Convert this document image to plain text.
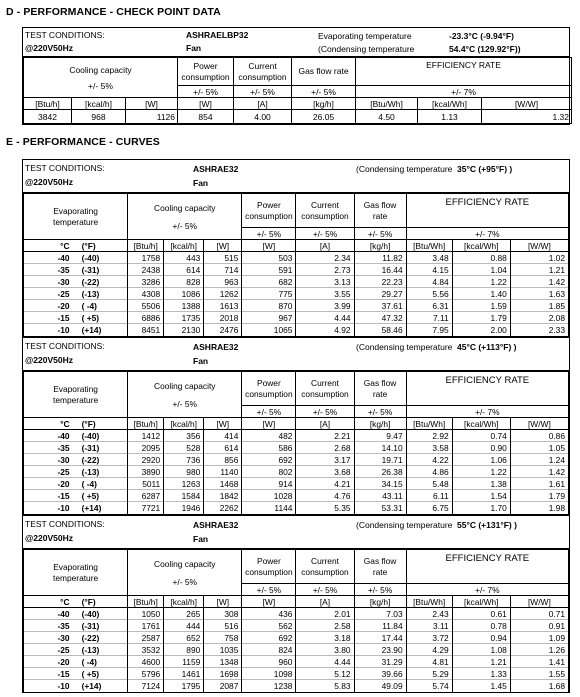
D - PERFORMANCE - CHECK POINT DATA
TEST CONDITIONS:
@220V50Hz
ASHRAELBP32
Fan
Evaporating temperature	-23.3°C (-9.94°F)
(Condensing temperature	54.4°C (129.92°F))
Cooling capacity
+/- 5%			Power consumption	Current consumption	Gas flow rate	EFFICIENCY RATE		
			+/- 5%	+/- 5%	+/- 5%	+/- 7%		
[Btu/h]	[kcal/h]	[W]	[W]	[A]	[kg/h]	[Btu/Wh]	[kcal/Wh]	[W/W]
3842	968	1126	854	4.00	26.05	4.50	1.13	1.32
E - PERFORMANCE - CURVES
TEST CONDITIONS:
@220V50Hz
ASHRAE32
Fan
(Condensing temperature 35°C (+95°F) )
Evaporating temperature		Cooling capacity
+/- 5%			Power consumption	Current consumption	Gas flow rate	EFFICIENCY RATE		
					+/- 5%	+/- 5%	+/- 5%	+/- 7%		
°C	(°F)	[Btu/h]	[kcal/h]	[W]	[W]	[A]	[kg/h]	[Btu/Wh]	[kcal/Wh]	[W/W]
-40	(-40)	1758	443	515	503	2.34	11.82	3.48	0.88	1.02
-35	(-31)	2438	614	714	591	2.73	16.44	4.15	1.04	1.21
-30	(-22)	3286	828	963	682	3.13	22.23	4.84	1.22	1.42
-25	(-13)	4308	1086	1262	775	3.55	29.27	5.56	1.40	1.63
-20	( -4)	5506	1388	1613	870	3.99	37.61	6.31	1.59	1.85
-15	( +5)	6886	1735	2018	967	4.44	47.32	7.11	1.79	2.08
-10	(+14)	8451	2130	2476	1065	4.92	58.46	7.95	2.00	2.33
TEST CONDITIONS:
@220V50Hz
ASHRAE32
Fan
(Condensing temperature 45°C (+113°F) )
Evaporating temperature		Cooling capacity
+/- 5%			Power consumption	Current consumption	Gas flow rate	EFFICIENCY RATE		
					+/- 5%	+/- 5%	+/- 5%	+/- 7%		
°C	(°F)	[Btu/h]	[kcal/h]	[W]	[W]	[A]	[kg/h]	[Btu/Wh]	[kcal/Wh]	[W/W]
-40	(-40)	1412	356	414	482	2.21	9.47	2.92	0.74	0.86
-35	(-31)	2095	528	614	586	2.68	14.10	3.58	0.90	1.05
-30	(-22)	2920	736	856	692	3.17	19.71	4.22	1.06	1.24
-25	(-13)	3890	980	1140	802	3.68	26.38	4.86	1.22	1.42
-20	( -4)	5011	1263	1468	914	4.21	34.15	5.48	1.38	1.61
-15	( +5)	6287	1584	1842	1028	4.76	43.11	6.11	1.54	1.79
-10	(+14)	7721	1946	2262	1144	5.35	53.31	6.75	1.70	1.98
TEST CONDITIONS:
@220V50Hz
ASHRAE32
Fan
(Condensing temperature 55°C (+131°F) )
Evaporating temperature		Cooling capacity
+/- 5%			Power consumption	Current consumption	Gas flow rate	EFFICIENCY RATE		
					+/- 5%	+/- 5%	+/- 5%	+/- 7%		
°C	(°F)	[Btu/h]	[kcal/h]	[W]	[W]	[A]	[kg/h]	[Btu/Wh]	[kcal/Wh]	[W/W]
-40	(-40)	1050	265	308	436	2.01	7.03	2.43	0.61	0.71
-35	(-31)	1761	444	516	562	2.58	11.84	3.11	0.78	0.91
-30	(-22)	2587	652	758	692	3.18	17.44	3.72	0.94	1.09
-25	(-13)	3532	890	1035	824	3.80	23.90	4.29	1.08	1.26
-20	( -4)	4600	1159	1348	960	4.44	31.29	4.81	1.21	1.41
-15	( +5)	5796	1461	1698	1098	5.12	39.66	5.29	1.33	1.55
-10	(+14)	7124	1795	2087	1238	5.83	49.09	5.74	1.45	1.68
